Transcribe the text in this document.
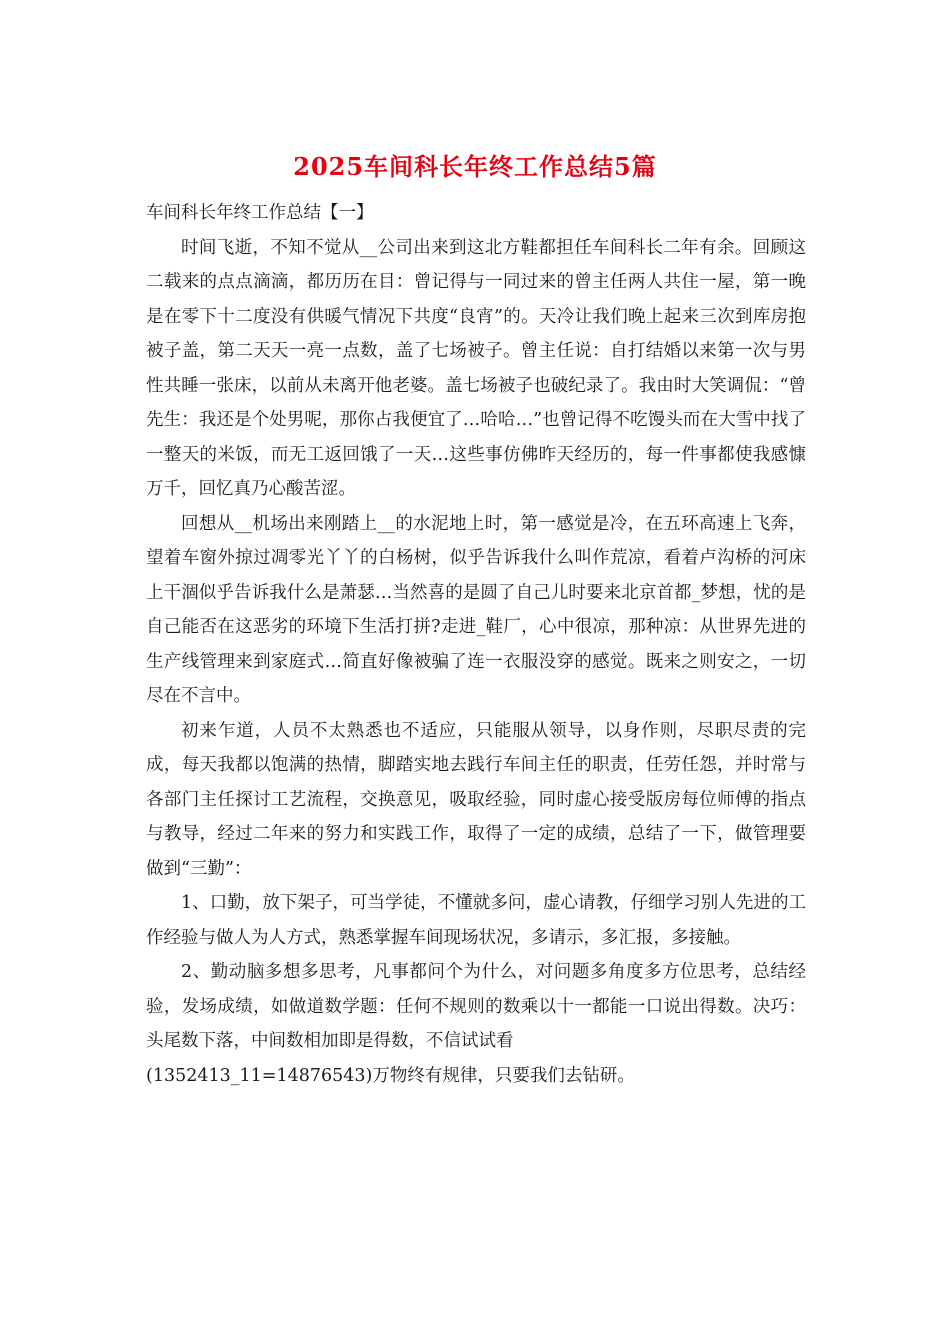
2025车间科长年终工作总结5篇

车间科长年终工作总结【一】

时间飞逝，不知不觉从__公司出来到这北方鞋都担任车间科长二年有余。回顾这二载来的点点滴滴，都历历在目：曾记得与一同过来的曾主任两人共住一屋，第一晚是在零下十二度没有供暖气情况下共度“良宵”的。天冷让我们晚上起来三次到库房抱被子盖，第二天天一亮一点数，盖了七场被子。曾主任说：自打结婚以来第一次与男性共睡一张床，以前从未离开他老婆。盖七场被子也破纪录了。我由时大笑调侃：“曾先生：我还是个处男呢，那你占我便宜了…哈哈…”也曾记得不吃馒头而在大雪中找了一整天的米饭，而无工返回饿了一天…这些事仿佛昨天经历的，每一件事都使我感慷万千，回忆真乃心酸苦涩。

回想从__机场出来刚踏上__的水泥地上时，第一感觉是冷，在五环高速上飞奔，望着车窗外掠过凋零光丫丫的白杨树，似乎告诉我什么叫作荒凉，看着卢沟桥的河床上干涸似乎告诉我什么是萧瑟…当然喜的是圆了自己儿时要来北京首都_梦想，忧的是自己能否在这恶劣的环境下生活打拼?走进_鞋厂，心中很凉，那种凉：从世界先进的生产线管理来到家庭式…简直好像被骗了连一衣服没穿的感觉。既来之则安之，一切尽在不言中。

初来乍道，人员不太熟悉也不适应，只能服从领导，以身作则，尽职尽责的完成，每天我都以饱满的热情，脚踏实地去践行车间主任的职责，任劳任怨，并时常与各部门主任探讨工艺流程，交换意见，吸取经验，同时虚心接受版房每位师傅的指点与教导，经过二年来的努力和实践工作，取得了一定的成绩，总结了一下，做管理要做到“三勤”：

1、口勤，放下架子，可当学徒，不懂就多问，虚心请教，仔细学习别人先进的工作经验与做人为人方式，熟悉掌握车间现场状况，多请示，多汇报，多接触。

2、勤动脑多想多思考，凡事都问个为什么，对问题多角度多方位思考，总结经验，发场成绩，如做道数学题：任何不规则的数乘以十一都能一口说出得数。决巧：头尾数下落，中间数相加即是得数，不信试试看

(1352413_11=14876543)万物终有规律，只要我们去钻研。
